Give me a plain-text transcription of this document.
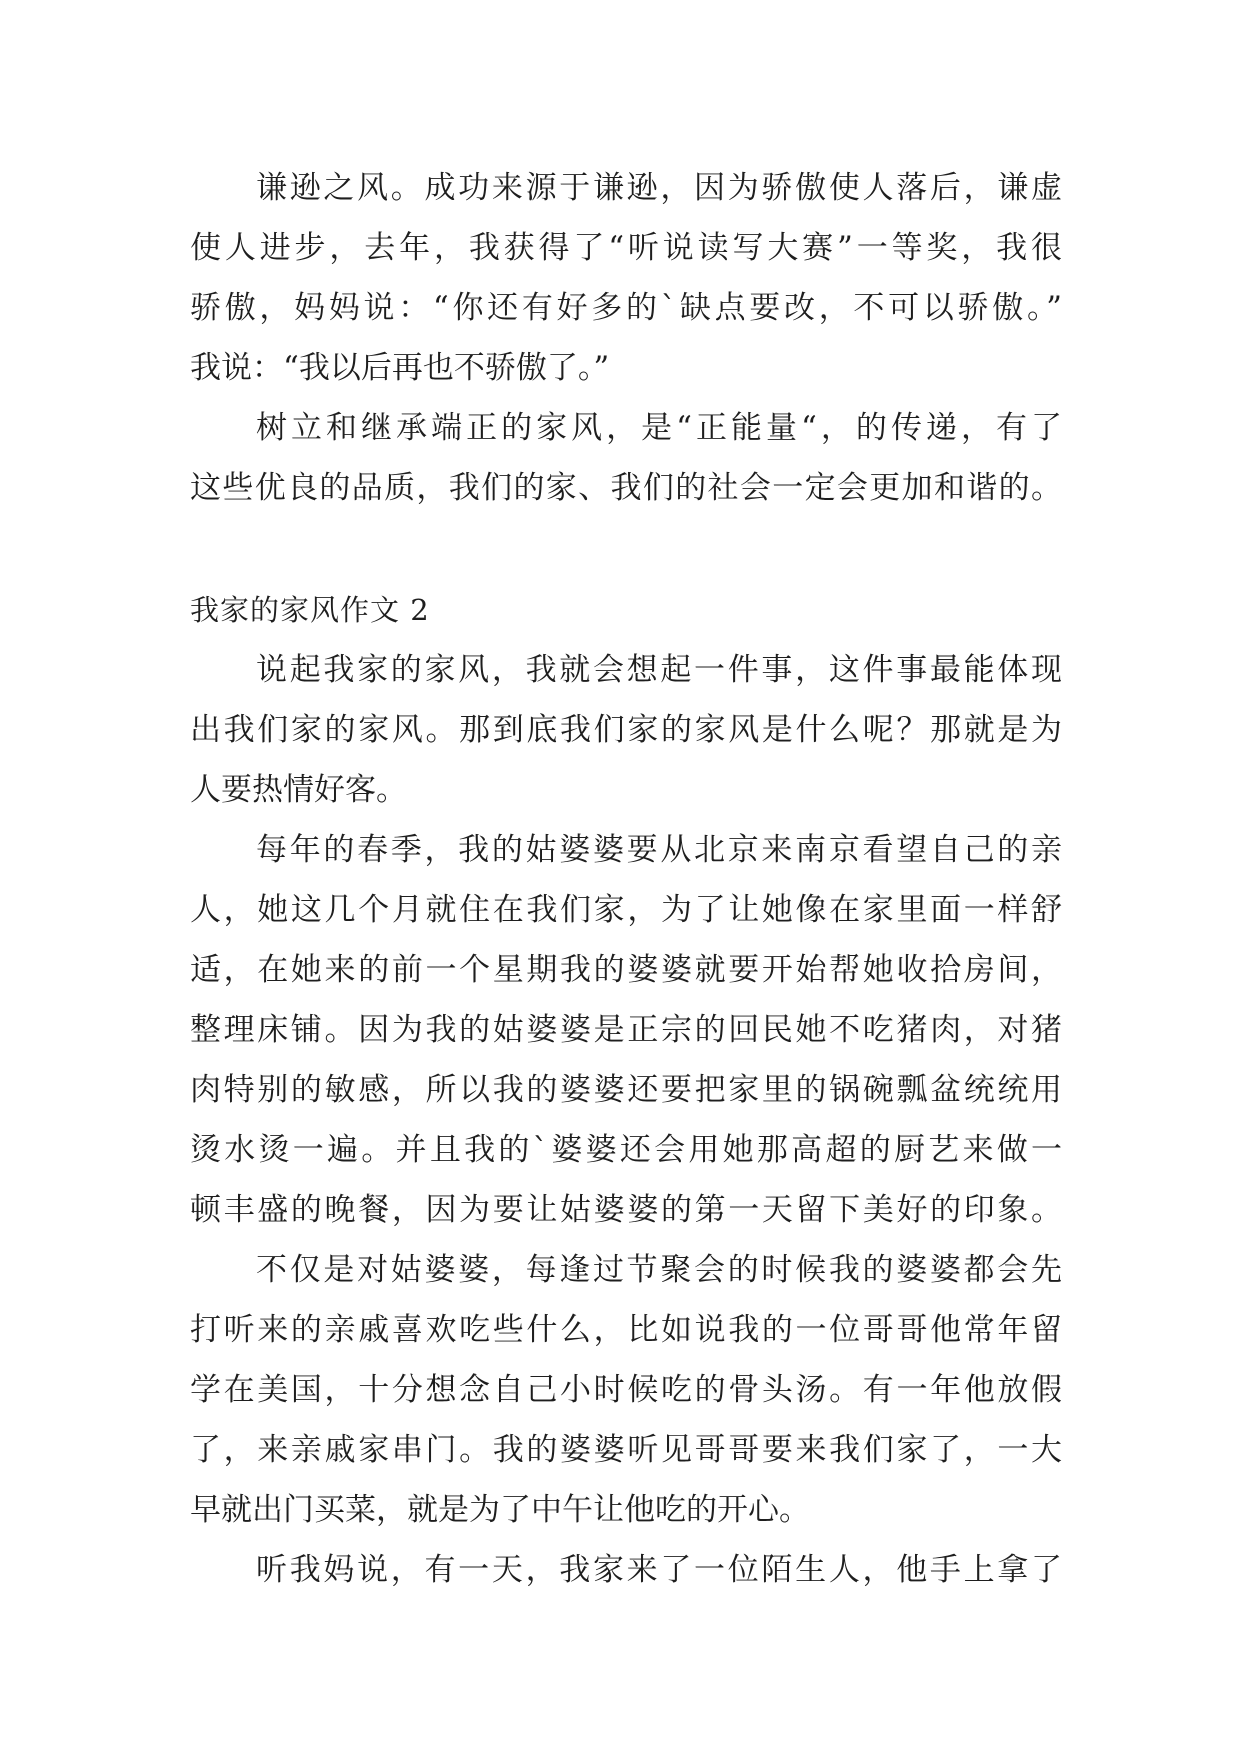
谦逊之风。成功来源于谦逊，因为骄傲使人落后，谦虚
使人进步，去年，我获得了“听说读写大赛”一等奖，我很
骄傲，妈妈说：“你还有好多的`缺点要改，不可以骄傲。”
我说：“我以后再也不骄傲了。”
树立和继承端正的家风，是“正能量“，的传递，有了
这些优良的品质，我们的家、我们的社会一定会更加和谐的。
我家的家风作文 2
说起我家的家风，我就会想起一件事，这件事最能体现
出我们家的家风。那到底我们家的家风是什么呢？那就是为
人要热情好客。
每年的春季，我的姑婆婆要从北京来南京看望自己的亲
人，她这几个月就住在我们家，为了让她像在家里面一样舒
适，在她来的前一个星期我的婆婆就要开始帮她收拾房间，
整理床铺。因为我的姑婆婆是正宗的回民她不吃猪肉，对猪
肉特别的敏感，所以我的婆婆还要把家里的锅碗瓢盆统统用
烫水烫一遍。并且我的`婆婆还会用她那高超的厨艺来做一
顿丰盛的晚餐，因为要让姑婆婆的第一天留下美好的印象。
不仅是对姑婆婆，每逢过节聚会的时候我的婆婆都会先
打听来的亲戚喜欢吃些什么，比如说我的一位哥哥他常年留
学在美国，十分想念自己小时候吃的骨头汤。有一年他放假
了，来亲戚家串门。我的婆婆听见哥哥要来我们家了，一大
早就出门买菜，就是为了中午让他吃的开心。
听我妈说，有一天，我家来了一位陌生人，他手上拿了
